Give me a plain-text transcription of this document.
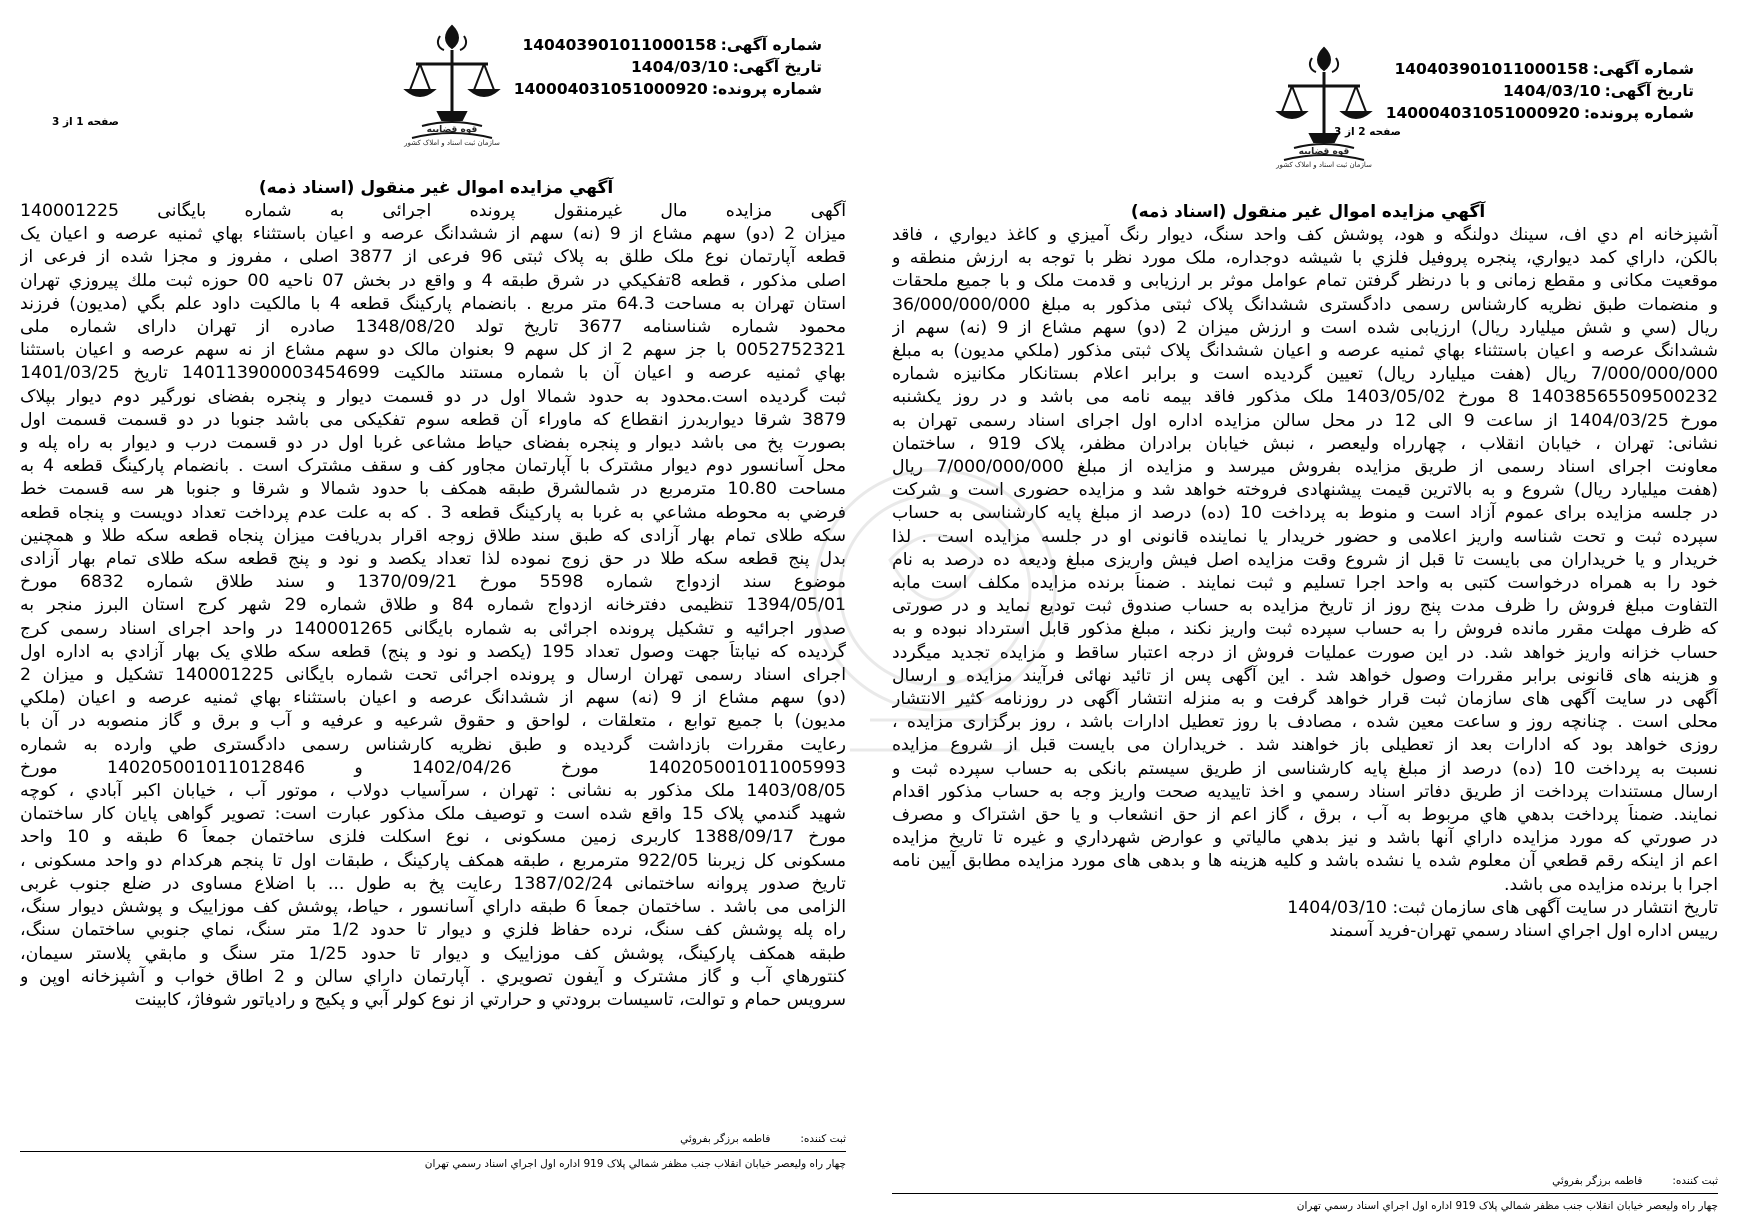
شماره آگهی:140403901011000158
تاریخ آگهی:1404/03/10
شماره پرونده:140004031051000920
قوه قضاییه
سازمان ثبت اسناد و املاک کشور
صفحه 1 از 3
آگهي مزايده اموال غير منقول (اسناد ذمه)
آگهی مزایده مال غیرمنقول پرونده اجرائی به شماره بایگانی 140001225
میزان 2 (دو) سهم مشاع از 9 (نه) سهم از ششدانگ عرصه و اعیان باستثناء بهاي ثمنیه عرصه و اعیان یک
قطعه آپارتمان نوع ملک طلق به پلاک ثبتی 96 فرعی از 3877 اصلی ، مفروز و مجزا شده از فرعی از
اصلی مذکور ، قطعه 8تفکیکي در شرق طبقه 4 و واقع در بخش 07 ناحیه 00 حوزه ثبت ملك پیروزي تهران
استان تهران به مساحت 64.3 متر مربع . بانضمام پارکینگ قطعه 4 با مالکیت داود علم بگي (مدیون) فرزند
محمود شماره شناسنامه 3677 تاریخ تولد 1348/08/20 صادره از تهران دارای شماره ملی
0052752321 با جز سهم 2 از کل سهم 9 بعنوان مالک دو سهم مشاع از نه سهم عرصه و اعیان باستثنا
بهاي ثمنیه عرصه و اعیان آن با شماره مستند مالکیت 140113900003454699 تاریخ 1401/03/25
ثبت گردیده است.محدود به حدود شمالا اول در دو قسمت دیوار و پنجره بفضای نورگیر دوم دیوار بپلاک
3879 شرقا دیواربدرز انقطاع که ماوراء آن قطعه سوم تفکیکی می باشد جنوبا در دو قسمت قسمت اول
بصورت پخ می باشد دیوار و پنجره بفضای حیاط مشاعی غربا اول در دو قسمت درب و دیوار به راه پله و
محل آسانسور دوم دیوار مشترک با آپارتمان مجاور کف و سقف مشترک است . بانضمام پارکینگ قطعه 4 به
مساحت 10.80 مترمربع در شمالشرق طبقه همکف با حدود شمالا و شرقا و جنوبا هر سه قسمت خط
فرضي به محوطه مشاعي به غربا به پارکینگ قطعه 3 . که به علت عدم پرداخت تعداد دویست و پنجاه قطعه
سکه طلای تمام بهار آزادی که طبق سند طلاق زوجه اقرار بدریافت میزان پنجاه قطعه سکه طلا و همچنین
بدل پنج قطعه سکه طلا در حق زوج نموده لذا تعداد یکصد و نود و پنج قطعه سکه طلای تمام بهار آزادی
موضوع سند ازدواج شماره 5598 مورخ 1370/09/21 و سند طلاق شماره 6832 مورخ
1394/05/01 تنظیمی دفترخانه ازدواج شماره 84 و طلاق شماره 29 شهر کرج استان البرز منجر به
صدور اجرائیه و تشکیل پرونده اجرائی به شماره بایگانی 140001265 در واحد اجرای اسناد رسمی کرج
گردیده که نیابتاً جهت وصول تعداد 195 (یکصد و نود و پنج) قطعه سکه طلاي یک بهار آزادي به اداره اول
اجرای اسناد رسمی تهران ارسال و پرونده اجرائی تحت شماره بایگانی 140001225 تشکیل و میزان 2
(دو) سهم مشاع از 9 (نه) سهم از ششدانگ عرصه و اعیان باستثناء بهاي ثمنیه عرصه و اعیان (ملکي
مدیون) با جمیع توابع ، متعلقات ، لواحق و حقوق شرعیه و عرفیه و آب و برق و گاز منصوبه در آن با
رعایت مقررات بازداشت گردیده و طبق نظریه کارشناس رسمی دادگستری طي وارده به شماره
140205001011005993 مورخ 1402/04/26 و 140205001011012846 مورخ
1403/08/05 ملک مذکور به نشانی : تهران ، سرآسیاب دولاب ، موتور آب ، خیابان اکبر آبادي ، کوچه
شهید گندمي پلاک 15 واقع شده است و توصیف ملک مذکور عبارت است: تصویر گواهی پایان کار ساختمان
مورخ 1388/09/17 کاربری زمین مسکونی ، نوع اسکلت فلزی ساختمان جمعاً 6 طبقه و 10 واحد
مسکونی کل زیربنا 922/05 مترمربع ، طبقه همکف پارکینگ ، طبقات اول تا پنجم هرکدام دو واحد مسکونی ،
تاریخ صدور پروانه ساختمانی 1387/02/24 رعایت پخ به طول ... با اضلاع مساوی در ضلع جنوب غربی
الزامی می باشد . ساختمان جمعاً 6 طبقه داراي آسانسور ، حیاط، پوشش کف موزاییک و پوشش دیوار سنگ،
راه پله پوشش کف سنگ، نرده حفاظ فلزي و دیوار تا حدود 1/2 متر سنگ، نماي جنوبي ساختمان سنگ،
طبقه همکف پارکینگ، پوشش کف موزاییک و دیوار تا حدود 1/25 متر سنگ و مابقي پلاستر سیمان،
کنتورهاي آب و گاز مشترک و آیفون تصویري . آپارتمان داراي سالن و 2 اطاق خواب و آشپزخانه اوپن و
سرویس حمام و توالت، تاسیسات برودتي و حرارتي از نوع کولر آبي و پکیج و رادیاتور شوفاژ، کابینت
ثبت کننده:
فاطمه برزگر بفروئي
چهار راه ولیعصر خیابان انقلاب جنب مظفر شمالي پلاک 919 اداره اول اجراي اسناد رسمي تهران
شماره آگهی:140403901011000158
تاریخ آگهی:1404/03/10
شماره پرونده:140004031051000920
قوه قضاییه
سازمان ثبت اسناد و املاک کشور
صفحه 2 از 3
آگهي مزايده اموال غير منقول (اسناد ذمه)
آشپزخانه ام دي اف، سینك دولنگه و هود، پوشش كف واحد سنگ، دیوار رنگ آمیزي و كاغذ دیواري ، فاقد
بالكن، داراي كمد دیواري، پنجره پروفیل فلزي با شیشه دوجداره، ملک مورد نظر با توجه به ارزش منطقه و
موقعیت مکانی و مقطع زمانی و با درنظر گرفتن تمام عوامل موثر بر ارزیابی و قدمت ملک و با جمیع ملحقات
و منضمات طبق نظریه کارشناس رسمی دادگستری ششدانگ پلاک ثبتی مذکور به مبلغ 36/000/000/000
ریال (سي و شش میلیارد ریال) ارزیابی شده است و ارزش میزان 2 (دو) سهم مشاع از 9 (نه) سهم از
ششدانگ عرصه و اعیان باستثناء بهاي ثمنیه عرصه و اعیان ششدانگ پلاک ثبتی مذکور (ملکي مدیون) به مبلغ
7/000/000/000 ریال (هفت میلیارد ریال) تعیین گردیده است و برابر اعلام بستانکار مکانیزه شماره
14038565509500232 8 مورخ 1403/05/02 ملک مذکور فاقد بیمه نامه می باشد و در روز یکشنبه
مورخ 1404/03/25 از ساعت 9 الی 12 در محل سالن مزایده اداره اول اجرای اسناد رسمی تهران به
نشانی: تهران ، خیابان انقلاب ، چهارراه ولیعصر ، نبش خیابان برادران مظفر، پلاک 919 ، ساختمان
معاونت اجرای اسناد رسمی از طریق مزایده بفروش میرسد و مزایده از مبلغ 7/000/000/000 ریال
(هفت میلیارد ریال) شروع و به بالاترین قیمت پیشنهادی فروخته خواهد شد و مزایده حضوری است و شرکت
در جلسه مزایده برای عموم آزاد است و منوط به پرداخت 10 (ده) درصد از مبلغ پایه کارشناسی به حساب
سپرده ثبت و تحت شناسه واریز اعلامی و حضور خریدار یا نماینده قانونی او در جلسه مزایده است . لذا
خریدار و یا خریداران می بایست تا قبل از شروع وقت مزایده اصل فیش واریزی مبلغ ودیعه ده درصد به نام
خود را به همراه درخواست کتبی به واحد اجرا تسلیم و ثبت نمایند . ضمناً برنده مزایده مکلف است مابه
التفاوت مبلغ فروش را ظرف مدت پنج روز از تاریخ مزایده به حساب صندوق ثبت تودیع نماید و در صورتی
که ظرف مهلت مقرر مانده فروش را به حساب سپرده ثبت واریز نکند ، مبلغ مذکور قابل استرداد نبوده و به
حساب خزانه واریز خواهد شد. در این صورت عملیات فروش از درجه اعتبار ساقط و مزایده تجدید میگردد
و هزینه های قانونی برابر مقررات وصول خواهد شد . این آگهی پس از تائید نهائی فرآیند مزایده و ارسال
آگهی در سایت آگهی های سازمان ثبت قرار خواهد گرفت و به منزله انتشار آگهی در روزنامه کثیر الانتشار
محلی است . چنانچه روز و ساعت معین شده ، مصادف با روز تعطیل ادارات باشد ، روز برگزاری مزایده ،
روزی خواهد بود که ادارات بعد از تعطیلی باز خواهند شد . خریداران می بایست قبل از شروع مزایده
نسبت به پرداخت 10 (ده) درصد از مبلغ پایه کارشناسی از طریق سیستم بانکی به حساب سپرده ثبت و
ارسال مستندات پرداخت از طریق دفاتر اسناد رسمي و اخذ تاییدیه صحت واریز وجه به حساب مذکور اقدام
نمایند. ضمناً پرداخت بدهي هاي مربوط به آب ، برق ، گاز اعم از حق انشعاب و یا حق اشتراک و مصرف
در صورتي که مورد مزایده داراي آنها باشد و نیز بدهي مالیاتي و عوارض شهرداري و غیره تا تاریخ مزایده
اعم از اینکه رقم قطعي آن معلوم شده یا نشده باشد و کلیه هزینه ها و بدهی های مورد مزایده مطابق آیین نامه
اجرا با برنده مزایده می باشد.
تاریخ انتشار در سایت آگهی های سازمان ثبت: 1404/03/10
رییس اداره اول اجراي اسناد رسمي تهران-فرید آسمند
ثبت کننده:
فاطمه برزگر بفروئي
چهار راه ولیعصر خیابان انقلاب جنب مظفر شمالي پلاک 919 اداره اول اجراي اسناد رسمي تهران
